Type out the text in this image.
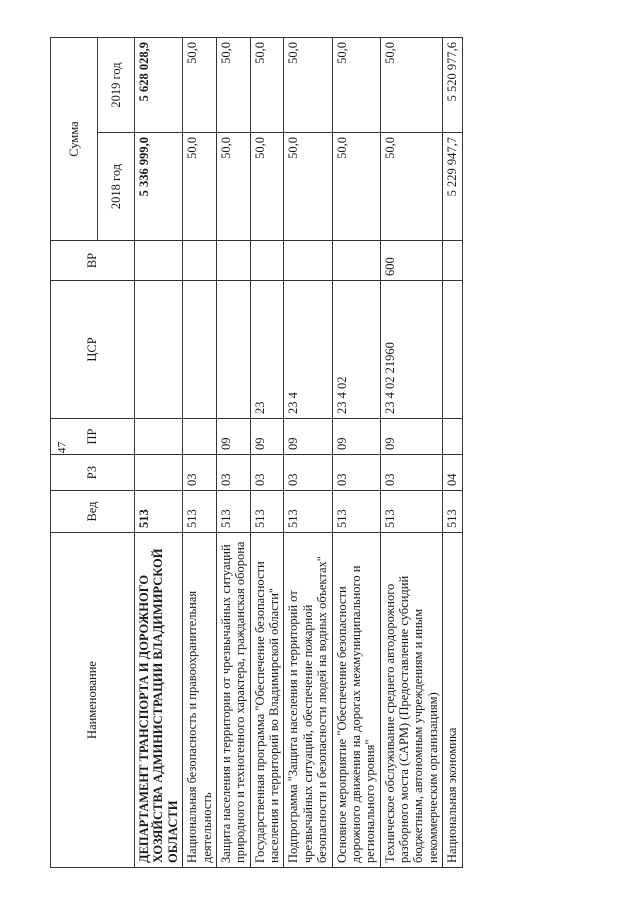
47
Наименование	Вед	РЗ	ПР	ЦСР	ВР	Сумма	
						2018 год	2019 год
ДЕПАРТАМЕНТ ТРАНСПОРТА И ДОРОЖНОГО ХОЗЯЙСТВА АДМИНИСТРАЦИИ ВЛАДИМИРСКОЙ ОБЛАСТИ	513					5 336 999,0	5 628 028,9
Национальная безопасность и правоохранительная деятельность	513	03				50,0	50,0
Защита населения и территории от чрезвычайных ситуаций природного и техногенного характера, гражданская оборона	513	03	09			50,0	50,0
Государственная программа "Обеспечение безопасности населения и территорий во Владимирской области"	513	03	09	23		50,0	50,0
Подпрограмма "Защита населения и территорий от чрезвычайных ситуаций, обеспечение пожарной безопасности и безопасности людей на водных объектах"	513	03	09	23 4		50,0	50,0
Основное мероприятие "Обеспечение безопасности дорожного движения на дорогах межмуниципального и регионального уровня"	513	03	09	23 4 02		50,0	50,0
Техническое обслуживание среднего автодорожного разборного моста (САРМ) (Предоставление субсидий бюджетным, автономным учреждениям и иным некоммерческим организациям)	513	03	09	23 4 02 21960	600	50,0	50,0
Национальная экономика	513	04				5 229 947,7	5 520 977,6
